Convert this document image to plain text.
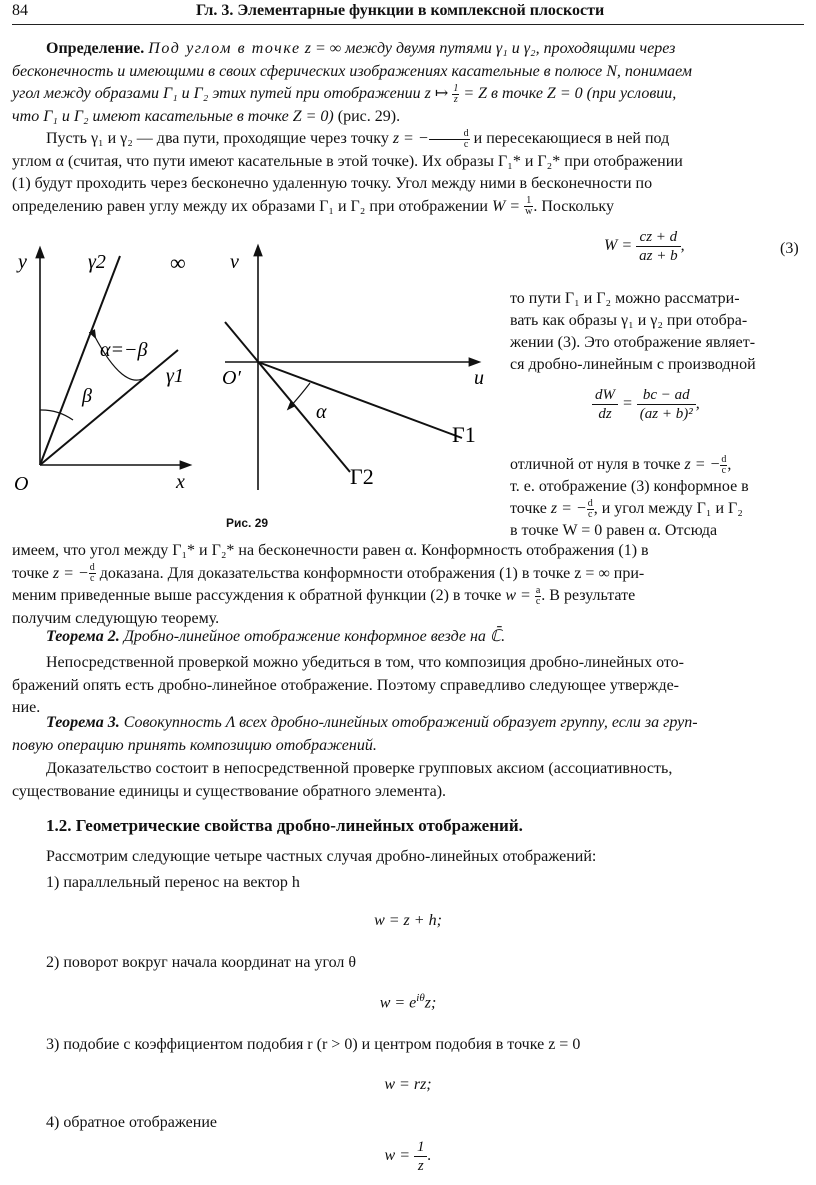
84	Гл. 3. Элементарные функции в комплексной плоскости

Определение. Под углом в точке z = ∞ между двумя путями γ₁ и γ₂, проходящими через

бесконечность и имеющими в своих сферических изображениях касательные в полюсе N, понимаем

угол между образами Γ₁ и Γ₂ этих путей при отображении z ↦ $\frac{1}{z} = Z$ в точке Z = 0 (при условии,

что Γ₁ и Γ₂ имеют касательные в точке Z = 0) (рис. 29).

Пусть γ₁ и γ₂ — два пути, проходящие через точку z = − $\frac{d}{c}$ и пересекающиеся в ней под

углом α (считая, что пути имеют касательные в этой точке). Их образы Γ₁* и Γ₂* при отображении

(1) будут проходить через бесконечно удаленную точку. Угол между ними в бесконечности по

определению равен углу между их образами Γ₁ и Γ₂ при отображении $W = \frac{1}{w}$ . Поскольку

y
x
O
∞
γ2
γ1
β
α=−β
v
u
O′
α
Γ1
Γ2
Рис. 29
$W = \frac{cz + d}{az + b}$ ,	(3)

то пути Γ₁ и Γ₂ можно рассматри-

вать как образы γ₁ и γ₂ при отобра-

жении (3). Это отображение являет-

ся дробно-линейным с производной

$\frac{dW}{dz} = \frac{bc - ad}{\text{(az + b)²}}$ ,

отличной от нуля в точке z = − $\frac{d}{c}$ ,

т. е. отображение (3) конформное в

точке z = − $\frac{d}{c}$ , и угол между Γ₁ и Γ₂

в точке W = 0 равен α. Отсюда

имеем, что угол между Γ₁* и Γ₂* на бесконечности равен α. Конформность отображения (1) в

точке z = − $\frac{d}{c}$ доказана. Для доказательства конформности отображения (1) в точке z = ∞ при-

меним приведенные выше рассуждения к обратной функции (2) в точке $w = \frac{a}{c}$ . В результате

получим следующую теорему.

Теорема 2. Дробно-линейное отображение конформное везде на ℂ̄.

Непосредственной проверкой можно убедиться в том, что композиция дробно-линейных ото-

бражений опять есть дробно-линейное отображение. Поэтому справедливо следующее утвержде-

ние.

Теорема 3. Совокупность Λ всех дробно-линейных отображений образует группу, если за груп-

повую операцию принять композицию отображений.

Доказательство состоит в непосредственной проверке групповых аксиом (ассоциативность,

существование единицы и существование обратного элемента).

1.2. Геометрические свойства дробно-линейных отображений.
Рассмотрим следующие четыре частных случая дробно-линейных отображений:
1) параллельный перенос на вектор h
w = z + h;
2) поворот вокруг начала координат на угол θ
$w = e^{i\theta}z$;
3) подобие с коэффициентом подобия r (r > 0) и центром подобия в точке z = 0
w = rz;
4) обратное отображение
$w = \frac{1}{z}$ .
